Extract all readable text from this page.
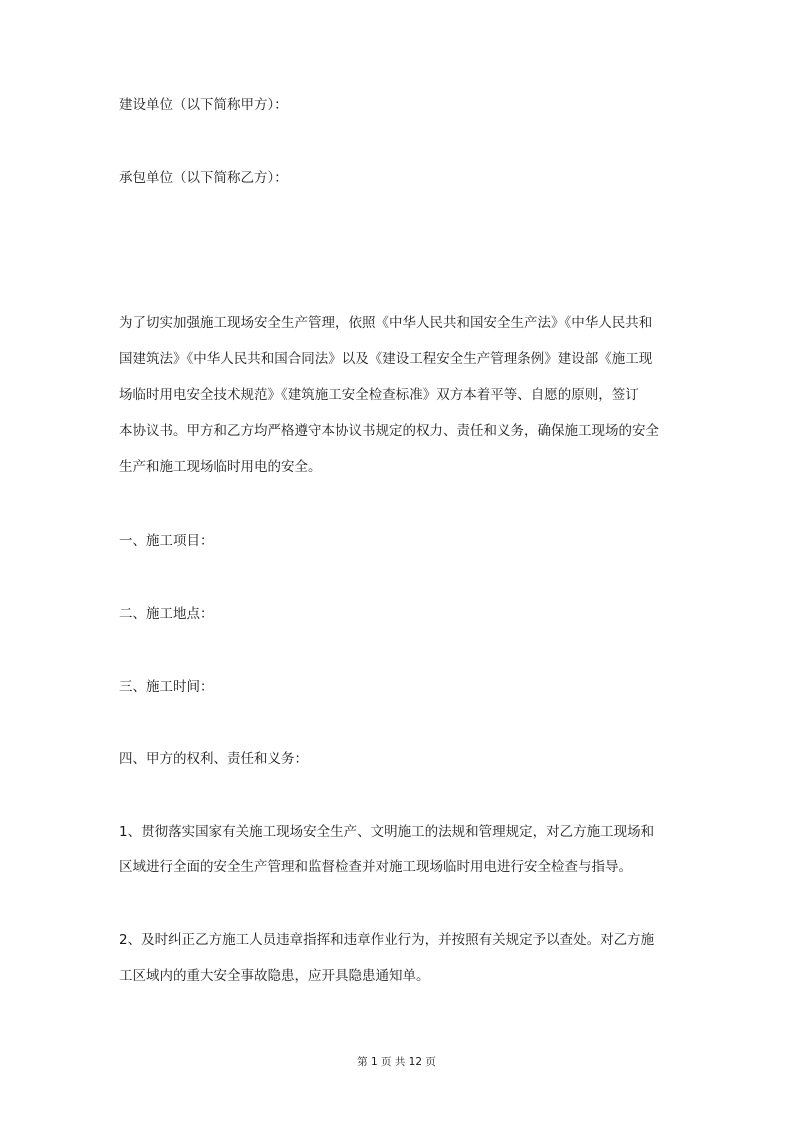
建设单位（以下简称甲方）：

承包单位（以下简称乙方）：

为了切实加强施工现场安全生产管理，依照《中华人民共和国安全生产法》《中华人民共和

国建筑法》《中华人民共和国合同法》以及《建设工程安全生产管理条例》建设部《施工现

场临时用电安全技术规范》《建筑施工安全检查标准》双方本着平等、自愿的原则，签订

本协议书。甲方和乙方均严格遵守本协议书规定的权力、责任和义务，确保施工现场的安全

生产和施工现场临时用电的安全。

一、施工项目：

二、施工地点：

三、施工时间：

四、甲方的权利、责任和义务：

1、贯彻落实国家有关施工现场安全生产、文明施工的法规和管理规定，对乙方施工现场和

区域进行全面的安全生产管理和监督检查并对施工现场临时用电进行安全检查与指导。

2、及时纠正乙方施工人员违章指挥和违章作业行为，并按照有关规定予以查处。对乙方施

工区域内的重大安全事故隐患，应开具隐患通知单。

第 1 页 共 12 页
